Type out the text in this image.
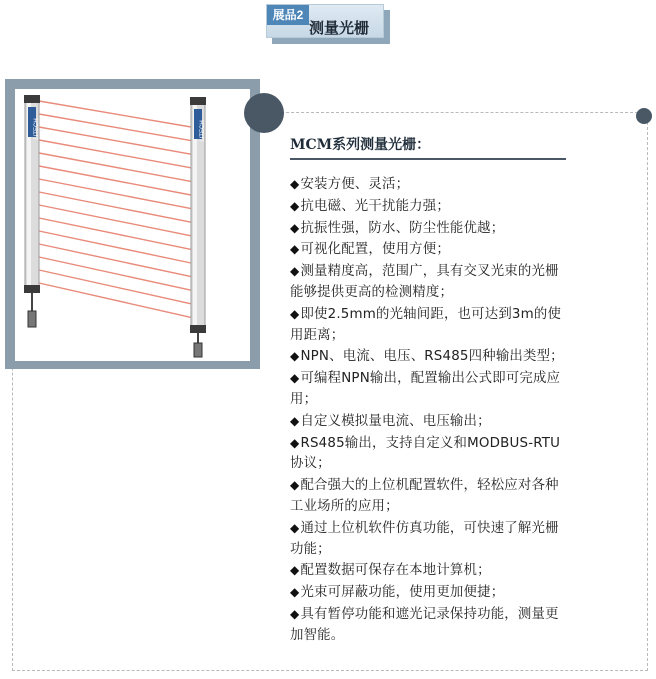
展品2
测量光栅
LITECH	LITECH
MCM系列测量光栅：
◆安装方便、灵活；
◆抗电磁、光干扰能力强；
◆抗振性强，防水、防尘性能优越；
◆可视化配置，使用方便；
◆测量精度高，范围广，具有交叉光束的光栅能够提供更高的检测精度；
◆即使2.5mm的光轴间距，也可达到3m的使用距离；
◆NPN、电流、电压、RS485四种输出类型；
◆可编程NPN输出，配置输出公式即可完成应用；
◆自定义模拟量电流、电压输出；
◆RS485输出，支持自定义和MODBUS-RTU协议；
◆配合强大的上位机配置软件，轻松应对各种工业场所的应用；
◆通过上位机软件仿真功能，可快速了解光栅功能；
◆配置数据可保存在本地计算机；
◆光束可屏蔽功能，使用更加便捷；
◆具有暂停功能和遮光记录保持功能，测量更加智能。
